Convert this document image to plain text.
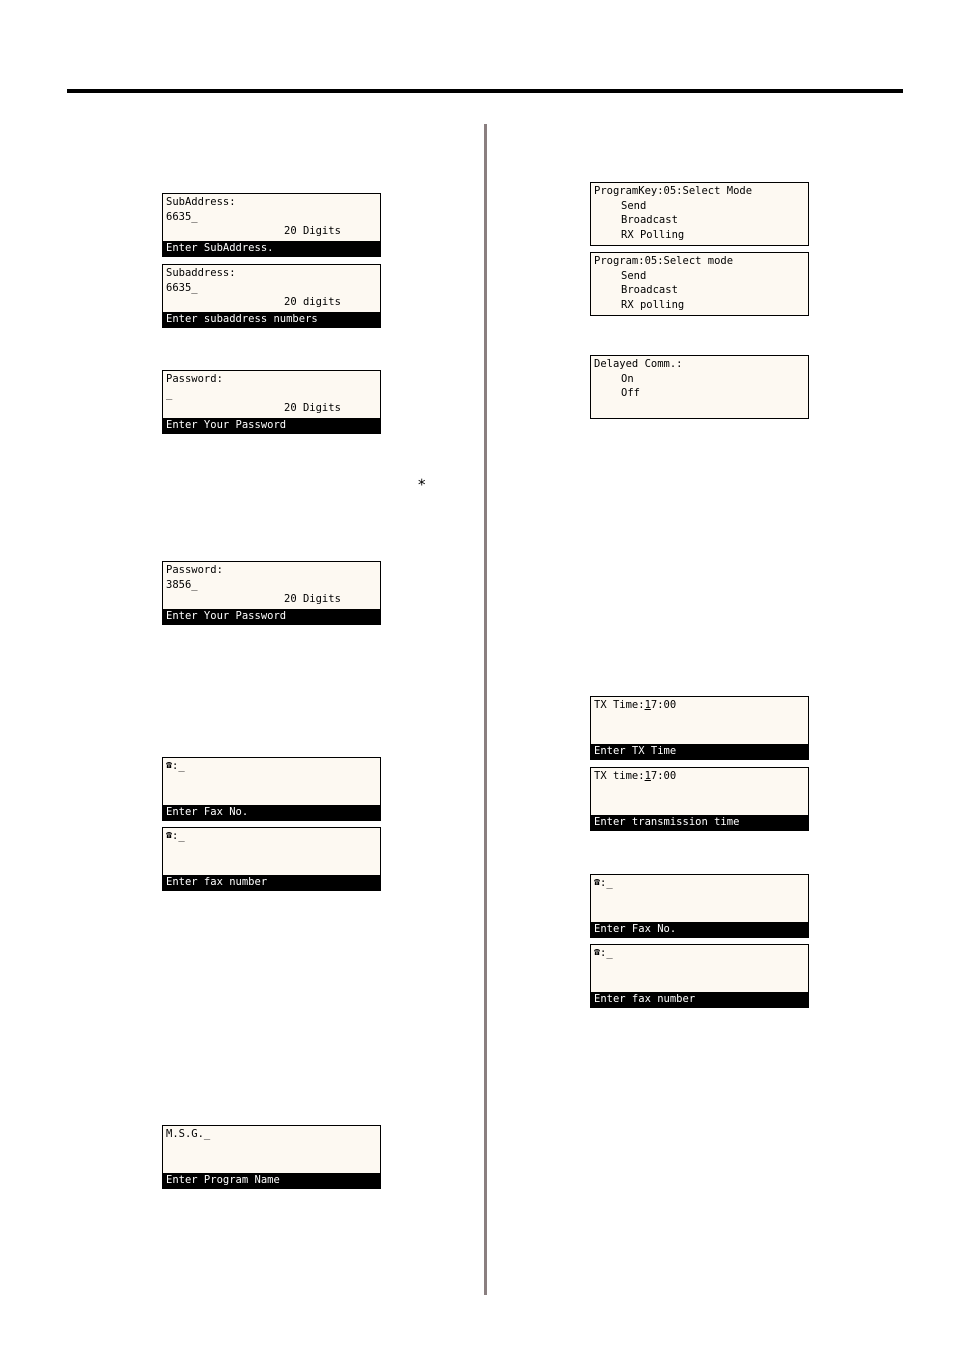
SubAddress:
6635_
20 Digits
Enter SubAddress.
Subaddress:
6635_
20 digits
Enter subaddress numbers
Password:
_
20 Digits
Enter Your Password
⁎
Password:
3856_
20 Digits
Enter Your Password
☎:_
Enter Fax No.
☎:_
Enter fax number
M.S.G._
Enter Program Name
ProgramKey:05:Select Mode
Send
Broadcast
RX Polling
Program:05:Select mode
Send
Broadcast
RX polling
Delayed Comm.:
On
Off
TX Time:17:00
Enter TX Time
TX time:17:00
Enter transmission time
☎:_
Enter Fax No.
☎:_
Enter fax number
